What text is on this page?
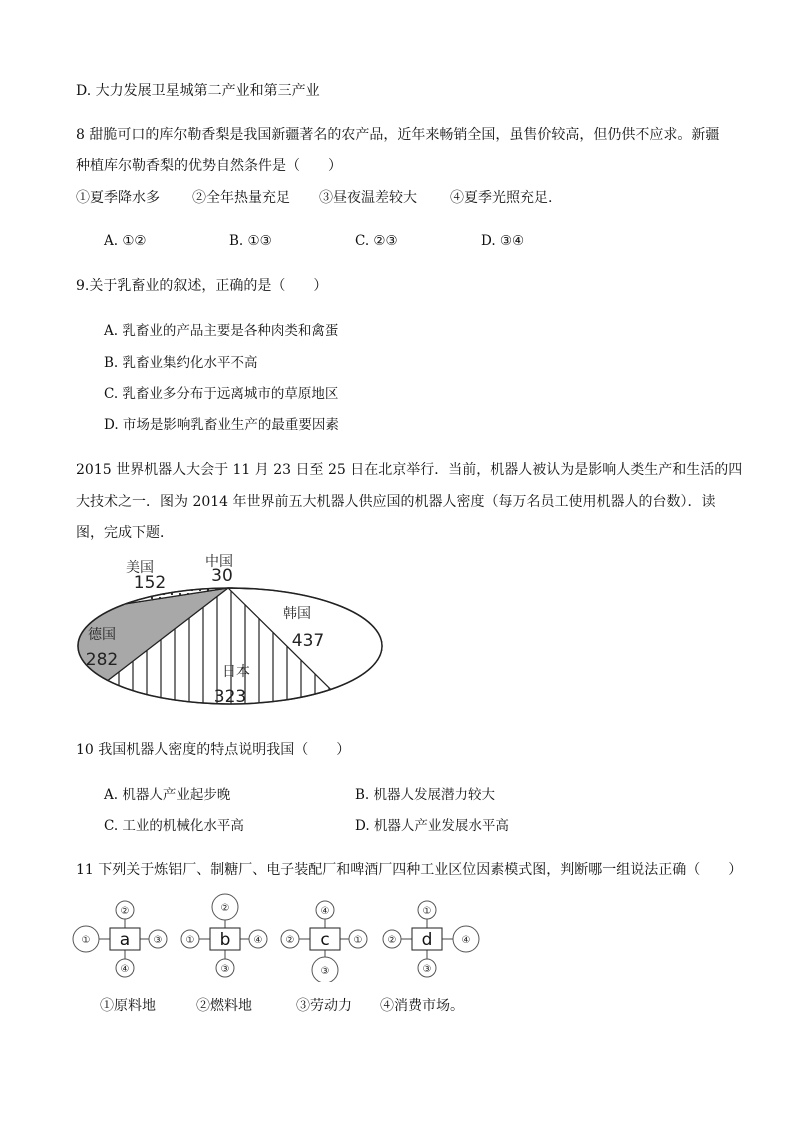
D. 大力发展卫星城第二产业和第三产业
8 甜脆可口的库尔勒香梨是我国新疆著名的农产品，近年来畅销全国，虽售价较高，但仍供不应求。新疆
种植库尔勒香梨的优势自然条件是（　　）
①夏季降水多 ②全年热量充足 ③昼夜温差较大 ④夏季光照充足.
A. ①②	B. ①③	C. ②③	D. ③④
9.关于乳畜业的叙述，正确的是（　　）
A. 乳畜业的产品主要是各种肉类和禽蛋
B. 乳畜业集约化水平不高
C. 乳畜业多分布于远离城市的草原地区
D. 市场是影响乳畜业生产的最重要因素
2015 世界机器人大会于 11 月 23 日至 25 日在北京举行．当前，机器人被认为是影响人类生产和生活的四
大技术之一．图为 2014 年世界前五大机器人供应国的机器人密度（每万名员工使用机器人的台数）．读
图，完成下题．
韩国
437
日本
323
德国
282
美国
152
中国
30
10 我国机器人密度的特点说明我国（　　）
A. 机器人产业起步晚	B. 机器人发展潜力较大
C. 工业的机械化水平高	D. 机器人产业发展水平高
11 下列关于炼铝厂、制糖厂、电子装配厂和啤酒厂四种工业区位因素模式图，判断哪一组说法正确（　　）
a
②
④
①	③	b
②
③
①	④	c
④
③
②	①	d
①
③
②	④
①原料地	②燃料地	③劳动力 ④消费市场。
